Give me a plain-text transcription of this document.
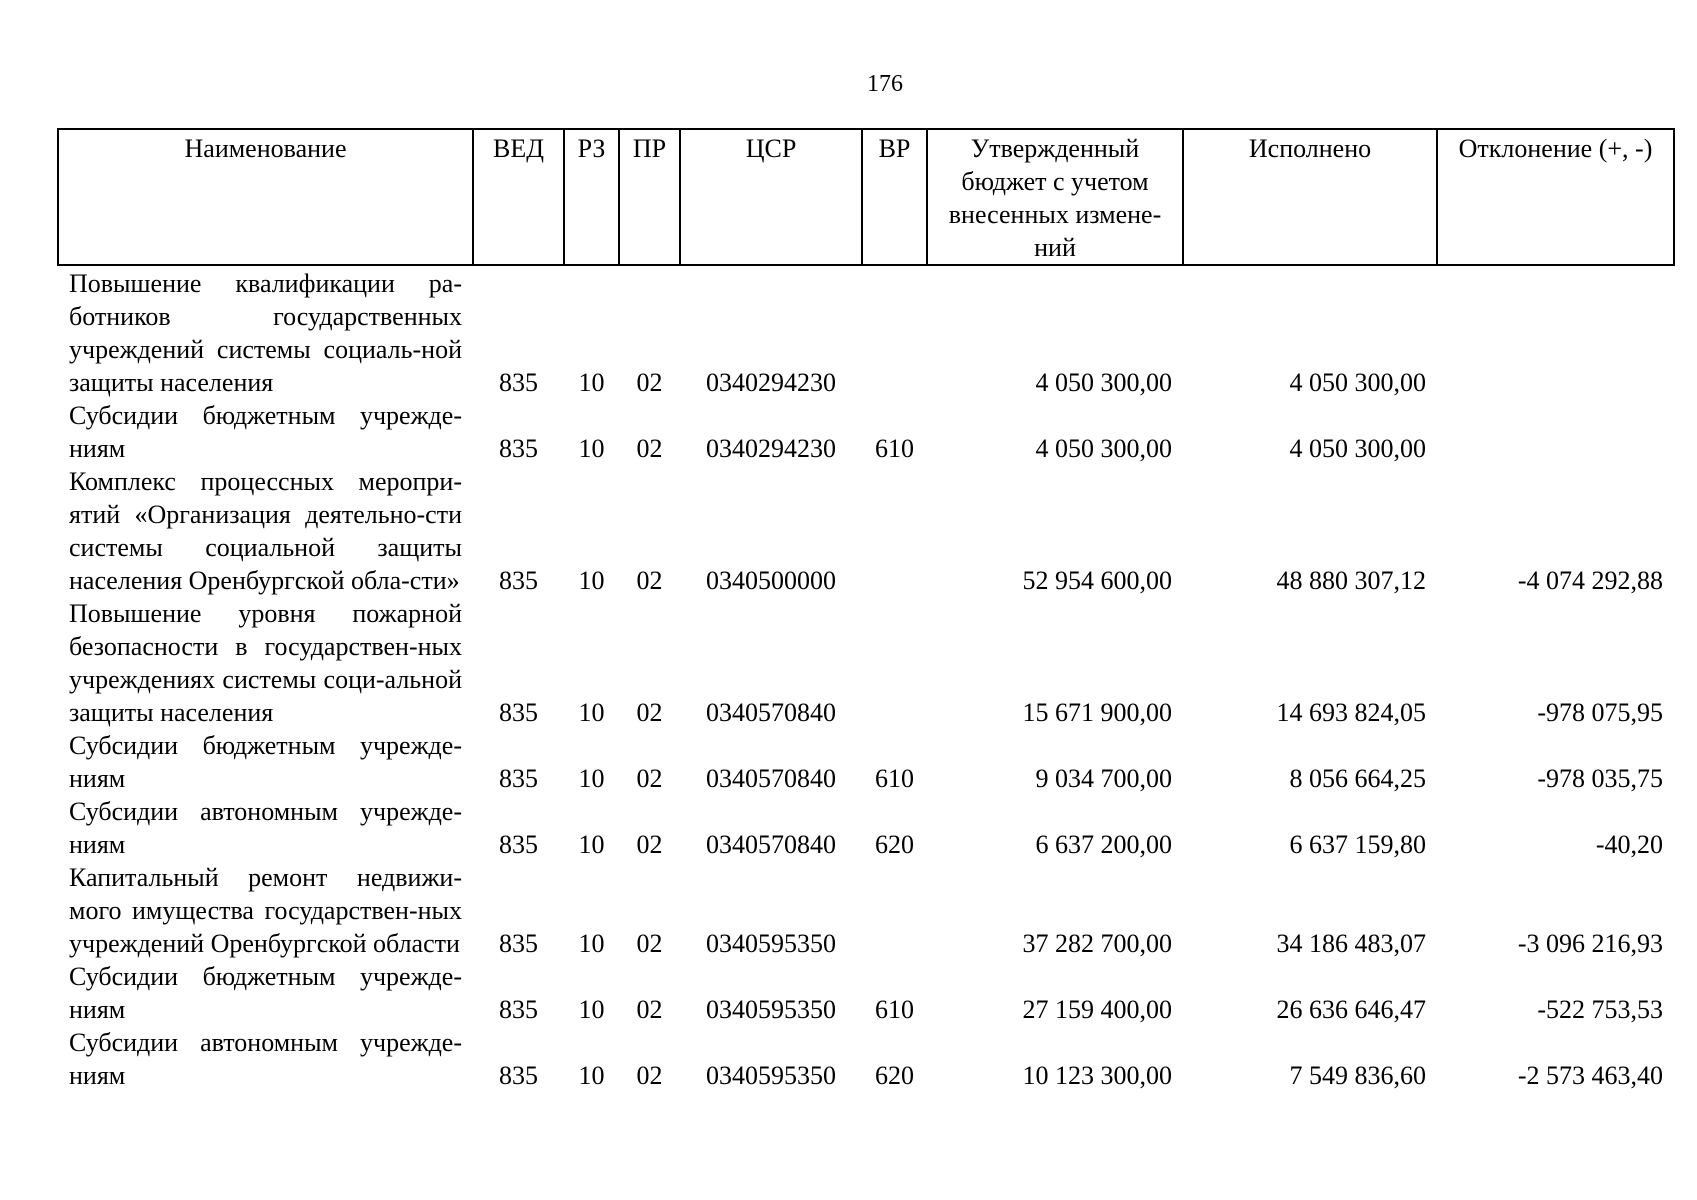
176
Наименование	ВЕД	РЗ	ПР	ЦСР	ВР	Утвержденный бюджет с учетом внесенных измене-ний	Исполнено	Отклонение (+, -)
Повышение квалификации ра-ботников государственных учреждений системы социаль-ной защиты населения	835	10	02	0340294230		4 050 300,00	4 050 300,00	
Субсидии бюджетным учрежде-ниям	835	10	02	0340294230	610	4 050 300,00	4 050 300,00	
Комплекс процессных меропри-ятий «Организация деятельно-сти системы социальной защиты населения Оренбургской обла-сти»	835	10	02	0340500000		52 954 600,00	48 880 307,12	-4 074 292,88
Повышение уровня пожарной безопасности в государствен-ных учреждениях системы соци-альной защиты населения	835	10	02	0340570840		15 671 900,00	14 693 824,05	-978 075,95
Субсидии бюджетным учрежде-ниям	835	10	02	0340570840	610	9 034 700,00	8 056 664,25	-978 035,75
Субсидии автономным учрежде-ниям	835	10	02	0340570840	620	6 637 200,00	6 637 159,80	-40,20
Капитальный ремонт недвижи-мого имущества государствен-ных учреждений Оренбургской области	835	10	02	0340595350		37 282 700,00	34 186 483,07	-3 096 216,93
Субсидии бюджетным учрежде-ниям	835	10	02	0340595350	610	27 159 400,00	26 636 646,47	-522 753,53
Субсидии автономным учрежде-ниям	835	10	02	0340595350	620	10 123 300,00	7 549 836,60	-2 573 463,40
